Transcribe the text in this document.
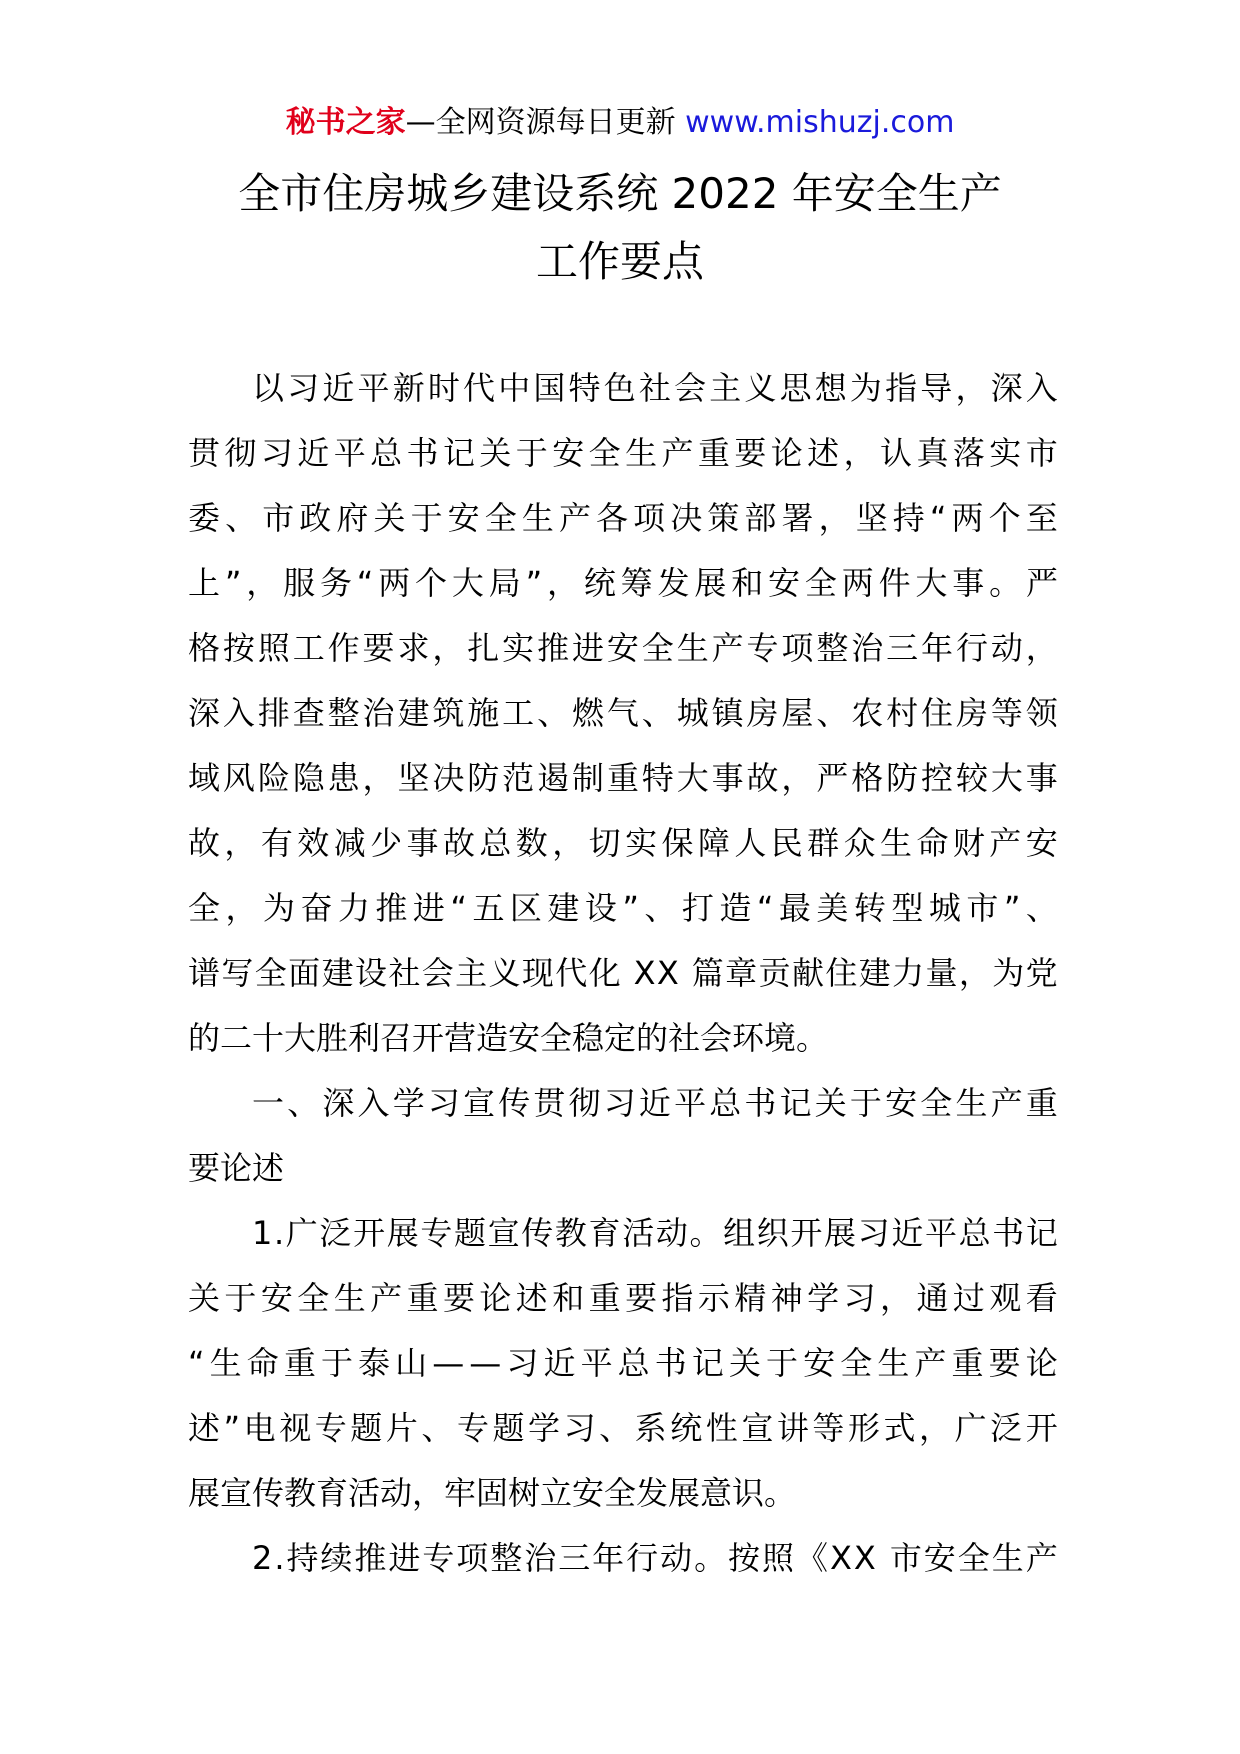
秘书之家—全网资源每日更新 www.mishuzj.com
全市住房城乡建设系统 2022 年安全生产
工作要点
以 习 近 平 新 时 代 中 国 特 色 社 会 主 义 思 想 为 指 导 ， 深 入
贯 彻 习 近 平 总 书 记 关 于 安 全 生 产 重 要 论 述 ， 认 真 落 实 市
委 、 市 政 府 关 于 安 全 生 产 各 项 决 策 部 署 ， 坚 持 “ 两 个 至
上 ” ， 服 务 “ 两 个 大 局 ” ， 统 筹 发 展 和 安 全 两 件 大 事 。 严
格 按 照 工 作 要 求 ， 扎 实 推 进 安 全 生 产 专 项 整 治 三 年 行 动 ，
深 入 排 查 整 治 建 筑 施 工 、 燃 气 、 城 镇 房 屋 、 农 村 住 房 等 领
域 风 险 隐 患 ， 坚 决 防 范 遏 制 重 特 大 事 故 ， 严 格 防 控 较 大 事
故 ， 有 效 减 少 事 故 总 数 ， 切 实 保 障 人 民 群 众 生 命 财 产 安
全 ， 为 奋 力 推 进 “ 五 区 建 设 ” 、 打 造 “ 最 美 转 型 城 市 ” 、
谱 写 全 面 建 设 社 会 主 义 现 代 化
X X
篇 章 贡 献 住 建 力 量 ， 为 党
的二十大胜利召开营造安全稳定的社会环境。
一 、 深 入 学 习 宣 传 贯 彻 习 近 平 总 书 记 关 于 安 全 生 产 重
要论述
1 . 广 泛 开 展 专 题 宣 传 教 育 活 动 。 组 织 开 展 习 近 平 总 书 记
关 于 安 全 生 产 重 要 论 述 和 重 要 指 示 精 神 学 习 ， 通 过 观 看
“ 生 命 重 于 泰 山 — — 习 近 平 总 书 记 关 于 安 全 生 产 重 要 论
述 ” 电 视 专 题 片 、 专 题 学 习 、 系 统 性 宣 讲 等 形 式 ， 广 泛 开
展宣传教育活动，牢固树立安全发展意识。
2 . 持 续 推 进 专 项 整 治 三 年 行 动 。 按 照 《 X X
市 安 全 生 产
